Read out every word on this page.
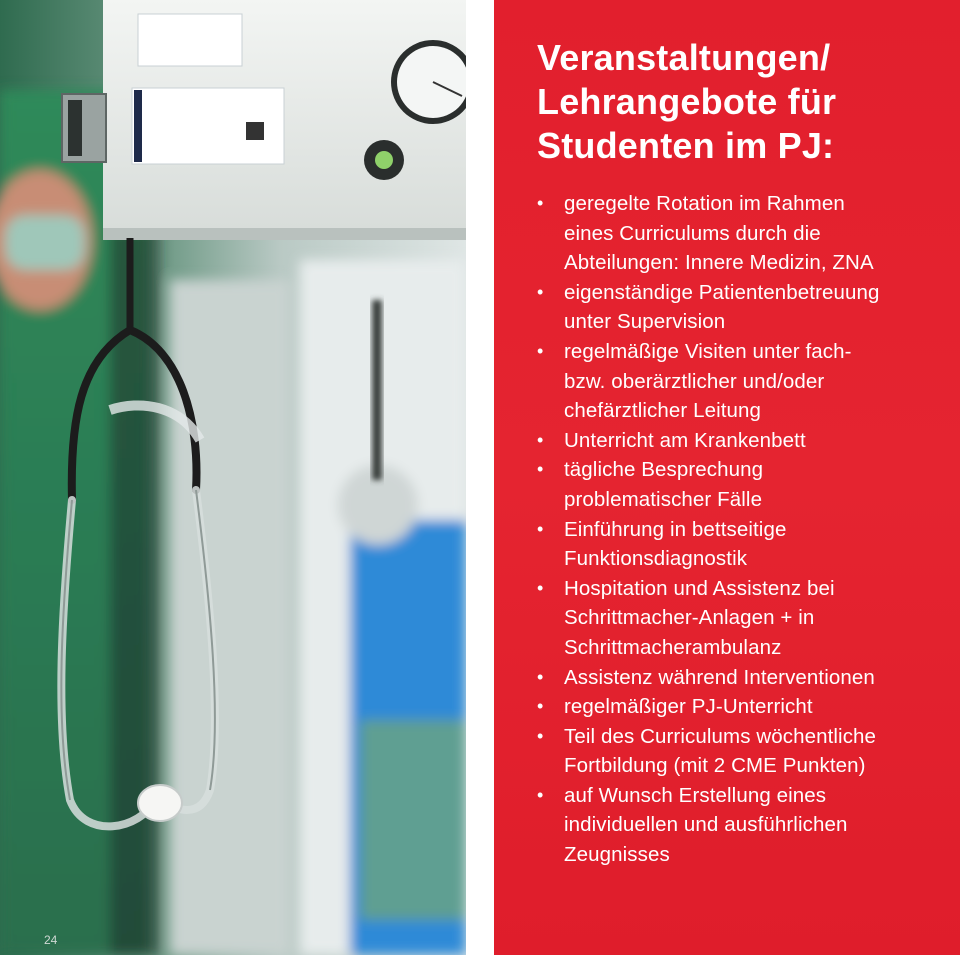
24
Veranstaltungen/
Lehrangebote für
Studenten im PJ:
• geregelte Rotation im Rahmen
eines Curriculums durch die
Abteilungen: Innere Medizin, ZNA
• eigenständige Patientenbetreuung
unter Supervision
• regelmäßige Visiten unter fach-
bzw. oberärztlicher und/oder
chefärztlicher Leitung
• Unterricht am Krankenbett
• tägliche Besprechung
problematischer Fälle
• Einführung in bettseitige
Funktionsdiagnostik
• Hospitation und Assistenz bei
Schrittmacher-Anlagen + in
Schrittmacherambulanz
• Assistenz während Interventionen
• regelmäßiger PJ-Unterricht
• Teil des Curriculums wöchentliche
Fortbildung (mit 2 CME Punkten)
• auf Wunsch Erstellung eines
individuellen und ausführlichen
Zeugnisses
